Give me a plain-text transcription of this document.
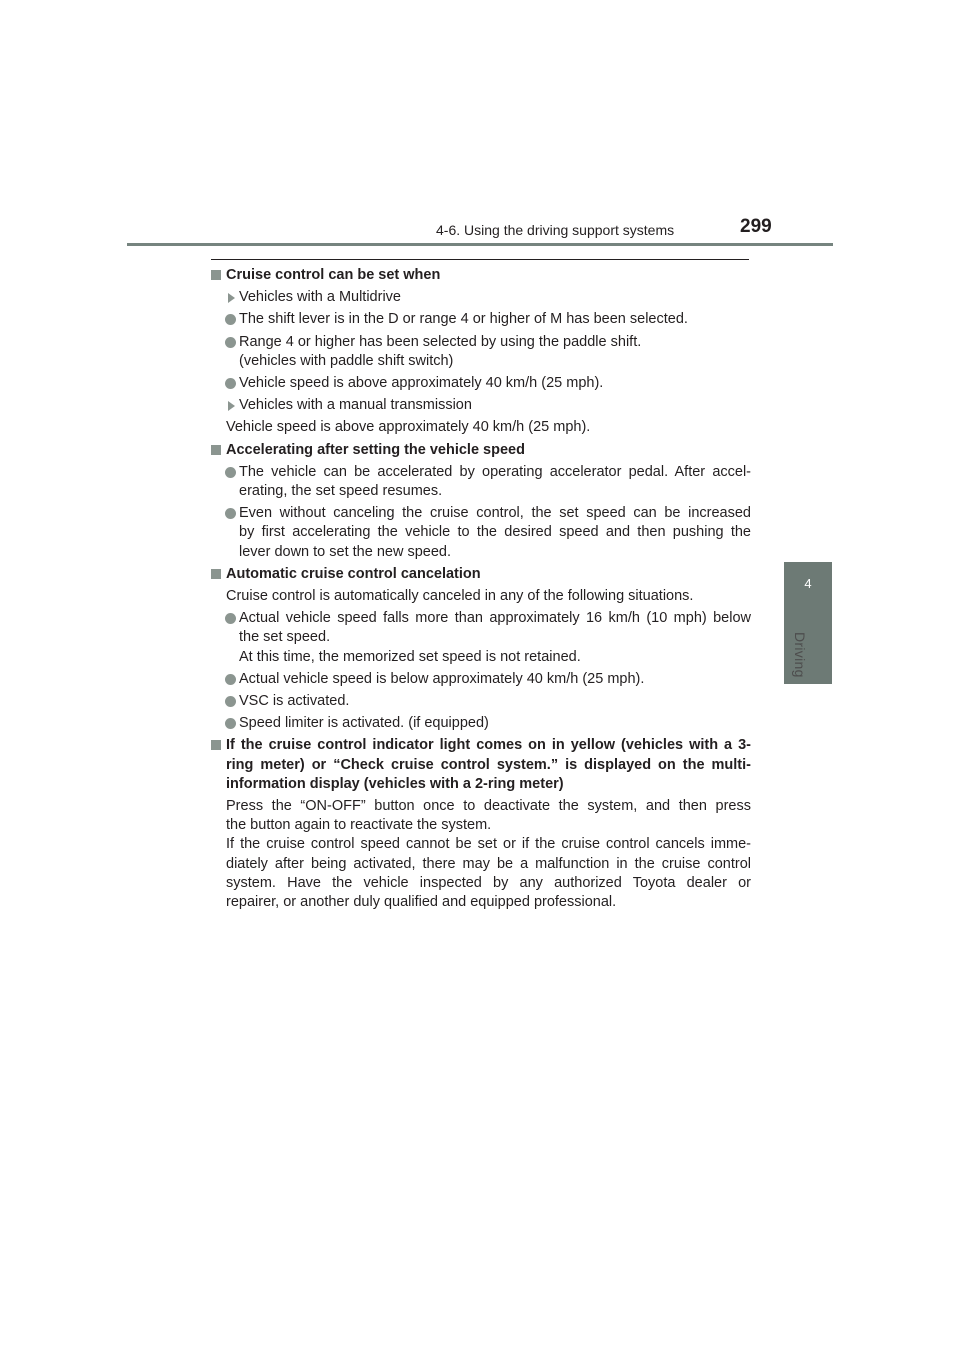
4-6. Using the driving support systems	299
4
Driving
Cruise control can be set when
Vehicles with a Multidrive
The shift lever is in the D or range 4 or higher of M has been selected.
Range 4 or higher has been selected by using the paddle shift.
(vehicles with paddle shift switch)
Vehicle speed is above approximately 40 km/h (25 mph).
Vehicles with a manual transmission
Vehicle speed is above approximately 40 km/h (25 mph).
Accelerating after setting the vehicle speed
The vehicle can be accelerated by operating accelerator pedal. After accel-
erating, the set speed resumes.
Even without canceling the cruise control, the set speed can be increased
by first accelerating the vehicle to the desired speed and then pushing the
lever down to set the new speed.
Automatic cruise control cancelation
Cruise control is automatically canceled in any of the following situations.
Actual vehicle speed falls more than approximately 16 km/h (10 mph) below
the set speed.
At this time, the memorized set speed is not retained.
Actual vehicle speed is below approximately 40 km/h (25 mph).
VSC is activated.
Speed limiter is activated. (if equipped)
If the cruise control indicator light comes on in yellow (vehicles with a 3-
ring meter) or “Check cruise control system.” is displayed on the multi-
information display (vehicles with a 2-ring meter)
Press the “ON-OFF” button once to deactivate the system, and then press
the button again to reactivate the system.
If the cruise control speed cannot be set or if the cruise control cancels imme-
diately after being activated, there may be a malfunction in the cruise control
system. Have the vehicle inspected by any authorized Toyota dealer or
repairer, or another duly qualified and equipped professional.
